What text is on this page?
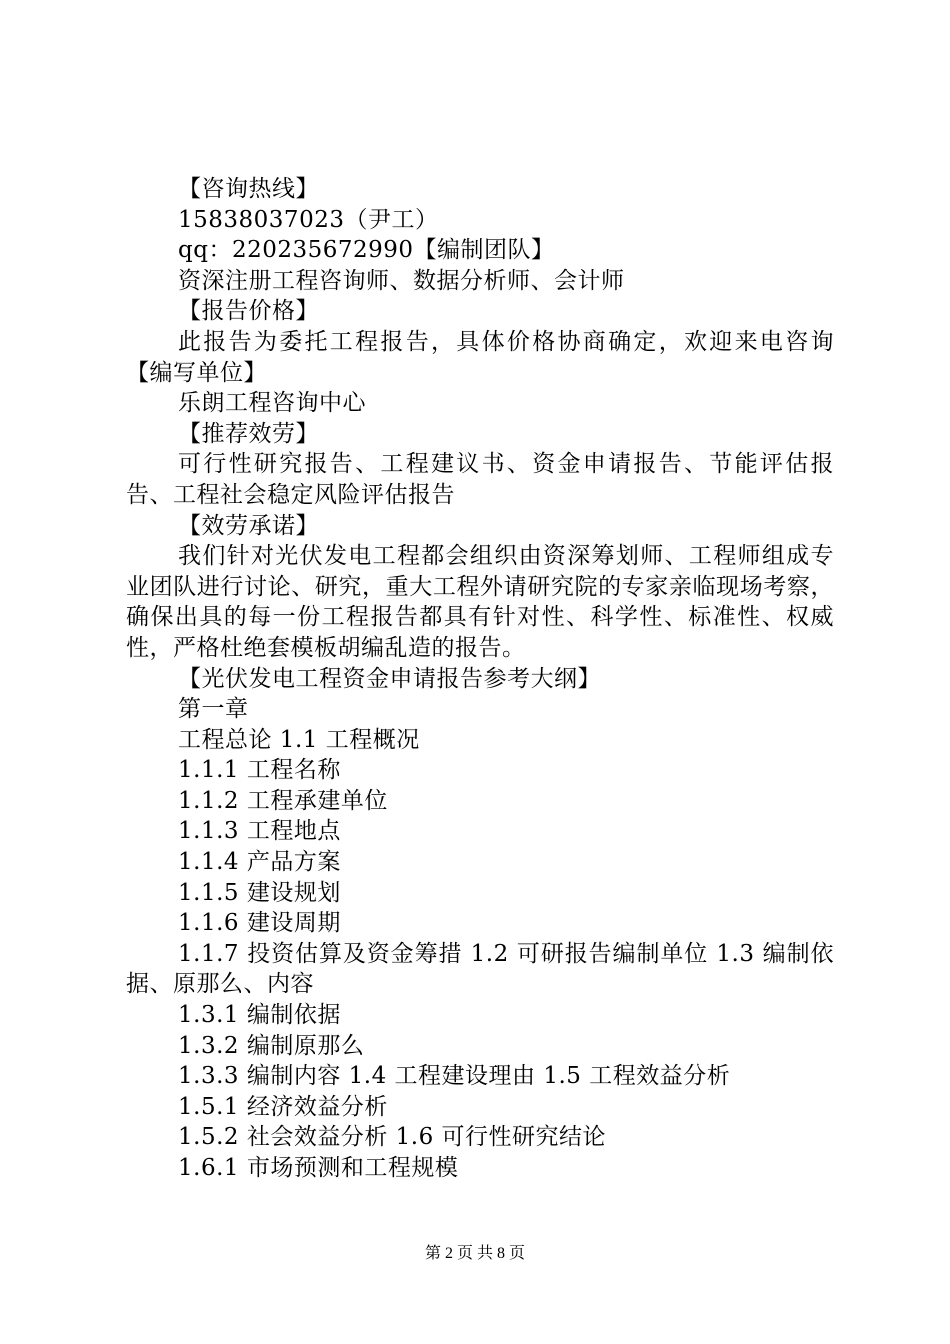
【咨询热线】
15838037023（尹工）
qq：220235672990【编制团队】
资深注册工程咨询师、数据分析师、会计师
【报告价格】
此报告为委托工程报告，具体价格协商确定，欢迎来电咨询【编写单位】
乐朗工程咨询中心
【推荐效劳】
可行性研究报告、工程建议书、资金申请报告、节能评估报告、工程社会稳定风险评估报告
【效劳承诺】
我们针对光伏发电工程都会组织由资深筹划师、工程师组成专业团队进行讨论、研究，重大工程外请研究院的专家亲临现场考察，确保出具的每一份工程报告都具有针对性、科学性、标准性、权威性，严格杜绝套模板胡编乱造的报告。
【光伏发电工程资金申请报告参考大纲】
第一章
工程总论 1.1 工程概况
1.1.1 工程名称
1.1.2 工程承建单位
1.1.3 工程地点
1.1.4 产品方案
1.1.5 建设规划
1.1.6 建设周期
1.1.7 投资估算及资金筹措 1.2 可研报告编制单位 1.3 编制依据、原那么、内容
1.3.1 编制依据
1.3.2 编制原那么
1.3.3 编制内容 1.4 工程建设理由 1.5 工程效益分析
1.5.1 经济效益分析
1.5.2 社会效益分析 1.6 可行性研究结论
1.6.1 市场预测和工程规模
第 2 页 共 8 页
